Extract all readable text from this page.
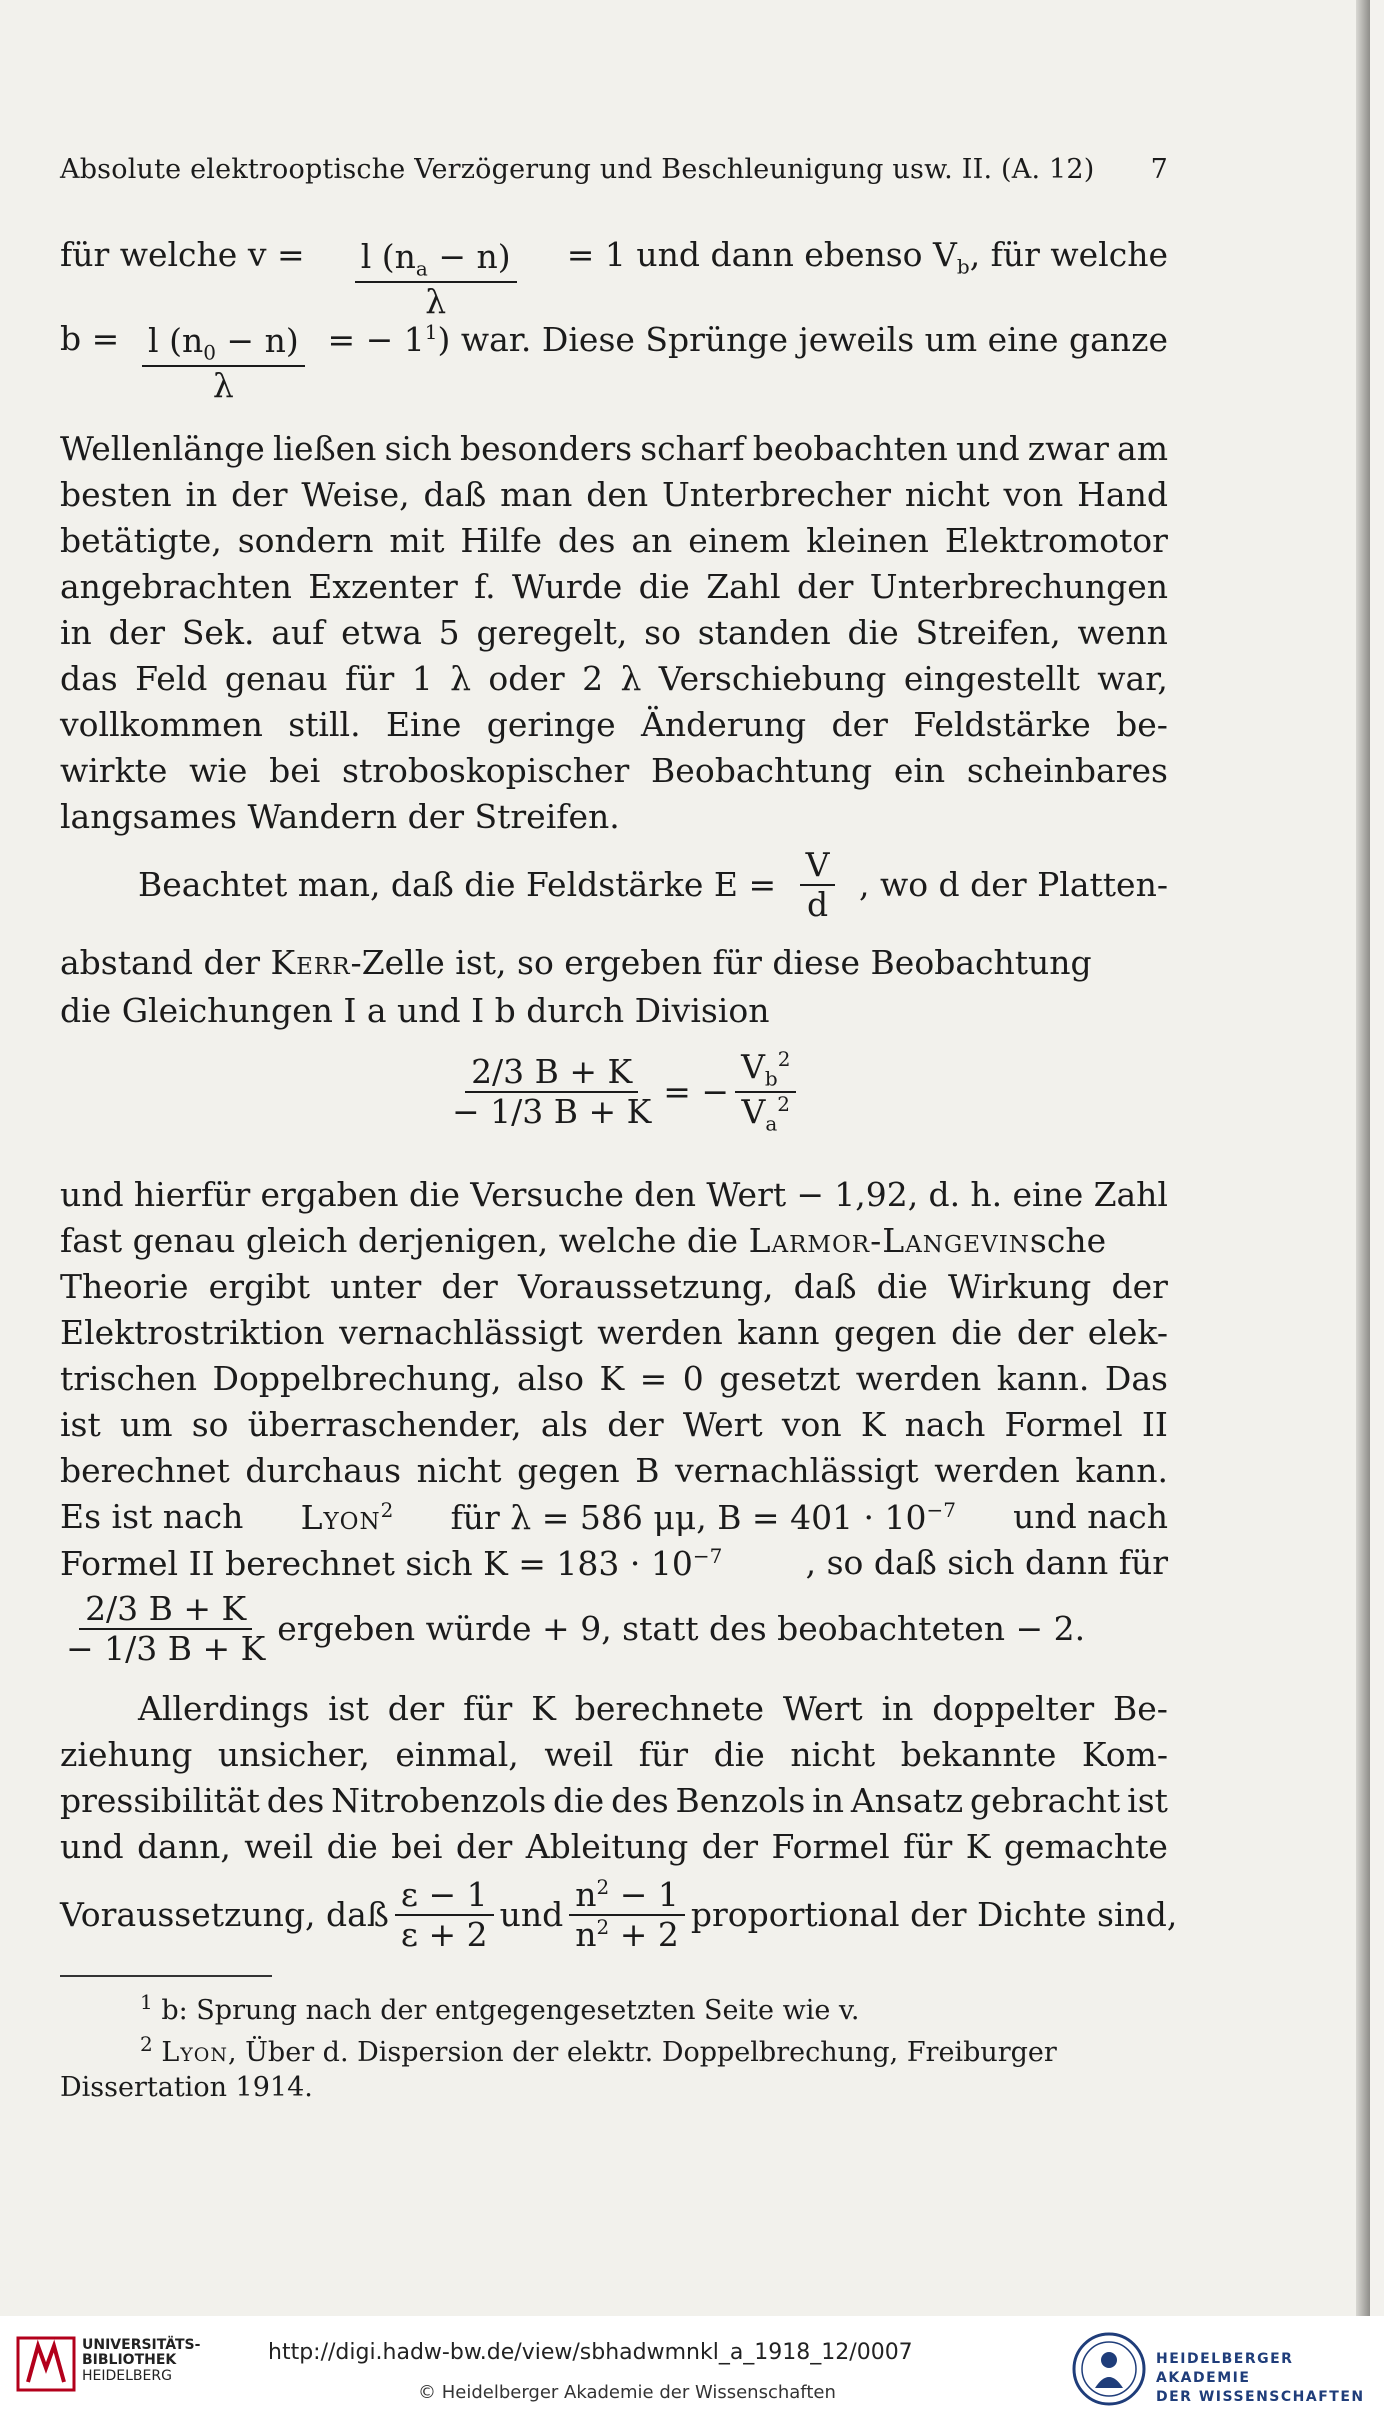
Absolute elektrooptische Verzögerung und Beschleunigung usw. II. (A. 12) 7
für welche $v = \frac{l (n_a - n)}{\lambda} = 1$ und dann ebenso $V_b$, für welche
$b = \frac{l (n_0 - n)}{\lambda}$ = − $1^1$) war. Diese Sprünge jeweils um eine ganze
Wellenlänge ließen sich besonders scharf beobachten und zwar am
besten in der Weise, daß man den Unterbrecher nicht von Hand
betätigte, sondern mit Hilfe des an einem kleinen Elektromotor
angebrachten Exzenter f. Wurde die Zahl der Unterbrechungen
in der Sek. auf etwa 5 geregelt, so standen die Streifen, wenn
das Feld genau für 1 λ oder 2 λ Verschiebung eingestellt war,
vollkommen still. Eine geringe Änderung der Feldstärke be-
wirkte wie bei stroboskopischer Beobachtung ein scheinbares
langsames Wandern der Streifen.
Beachtet man, daß die Feldstärke $E = \frac{V}{d}$ , wo d der Platten-
abstand der Kerr-Zelle ist, so ergeben für diese Beobachtung
die Gleichungen I a und I b durch Division
$\frac{2/3 B + K}{- 1/3 B + K}$ = − $\frac{V_b^2}{V_a^2}$
und hierfür ergaben die Versuche den Wert − 1,92, d. h. eine Zahl
fast genau gleich derjenigen, welche die Larmor-Langevinsche
Theorie ergibt unter der Voraussetzung, daß die Wirkung der
Elektrostriktion vernachlässigt werden kann gegen die der elek-
trischen Doppelbrechung, also K = 0 gesetzt werden kann. Das
ist um so überraschender, als der Wert von K nach Formel II
berechnet durchaus nicht gegen B vernachlässigt werden kann.
Es ist nach Lyon$^2$ für λ = 586 μμ, $B = 401 \cdot 10^{-7}$ und nach
Formel II berechnet sich $K = 183 \cdot 10^{-7}$	, so daß sich dann für
$\frac{2/3 B + K}{- 1/3 B + K}$ ergeben würde + 9, statt des beobachteten − 2.
Allerdings ist der für K berechnete Wert in doppelter Be-
ziehung unsicher, einmal, weil für die nicht bekannte Kom-
pressibilität des Nitrobenzols die des Benzols in Ansatz gebracht ist
und dann, weil die bei der Ableitung der Formel für K gemachte
Voraussetzung, daß $\frac{\varepsilon - 1}{\varepsilon + 2}$ und $\frac{n^2 - 1}{n^2 + 2}$ proportional der Dichte sind,
$^1$ b: Sprung nach der entgegengesetzten Seite wie v.
$^2$ Lyon, Über d. Dispersion der elektr. Doppelbrechung, Freiburger
Dissertation 1914.
UNIVERSITÄTS-
BIBLIOTHEK
HEIDELBERG
http://digi.hadw-bw.de/view/sbhadwmnkl_a_1918_12/0007
© Heidelberger Akademie der Wissenschaften
HEIDELBERGER AKADEMIE
DER WISSENSCHAFTEN
